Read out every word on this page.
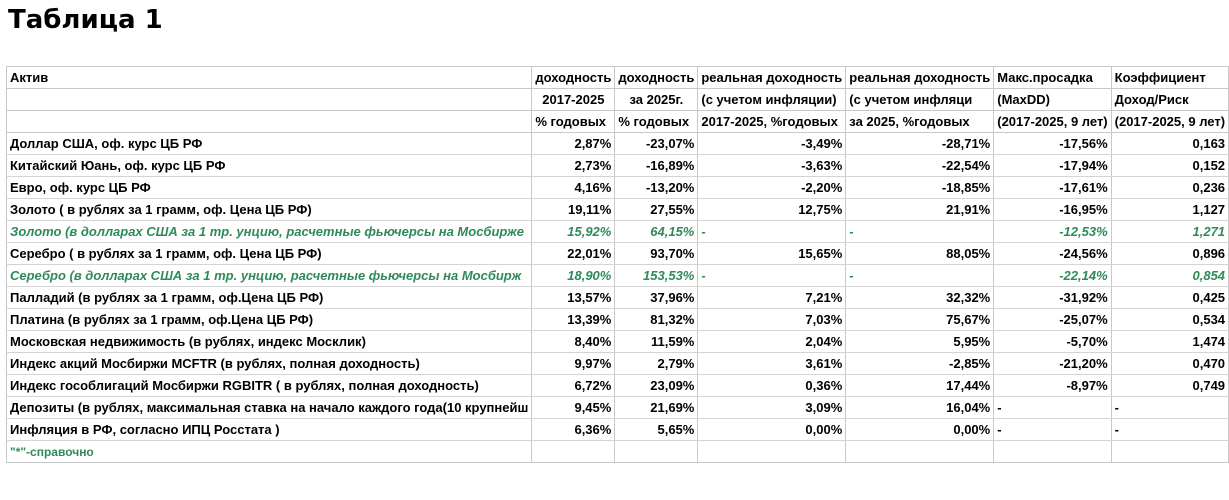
Таблица 1
Актив	доходность	доходность	реальная доходность	реальная доходность	Макс.просадка	Коэффициент
	2017-2025	за 2025г.	(с учетом инфляции)	(с учетом инфляци	(MaxDD)	Доход/Риск
	% годовых	% годовых	2017-2025, %годовых	за 2025, %годовых	(2017-2025, 9 лет)	(2017-2025, 9 лет)
Доллар США, оф. курс ЦБ РФ	2,87%	-23,07%	-3,49%	-28,71%	-17,56%	0,163
Китайский Юань, оф. курс ЦБ РФ	2,73%	-16,89%	-3,63%	-22,54%	-17,94%	0,152
Евро, оф. курс ЦБ РФ	4,16%	-13,20%	-2,20%	-18,85%	-17,61%	0,236
Золото ( в рублях за 1 грамм, оф. Цена ЦБ РФ)	19,11%	27,55%	12,75%	21,91%	-16,95%	1,127
Золото (в долларах США за 1 тр. унцию, расчетные фьючерсы на Мосбирже	15,92%	64,15%	-	-	-12,53%	1,271
Серебро ( в рублях за 1 грамм, оф. Цена ЦБ РФ)	22,01%	93,70%	15,65%	88,05%	-24,56%	0,896
Серебро (в долларах США за 1 тр. унцию, расчетные фьючерсы на Мосбирж	18,90%	153,53%	-	-	-22,14%	0,854
Палладий (в рублях за 1 грамм, оф.Цена ЦБ РФ)	13,57%	37,96%	7,21%	32,32%	-31,92%	0,425
Платина (в рублях за 1 грамм, оф.Цена ЦБ РФ)	13,39%	81,32%	7,03%	75,67%	-25,07%	0,534
Московская недвижимость (в рублях, индекс Москлик)	8,40%	11,59%	2,04%	5,95%	-5,70%	1,474
Индекс акций Мосбиржи MCFTR (в рублях, полная доходность)	9,97%	2,79%	3,61%	-2,85%	-21,20%	0,470
Индекс гособлигаций Мосбиржи RGBITR ( в рублях, полная доходность)	6,72%	23,09%	0,36%	17,44%	-8,97%	0,749
Депозиты (в рублях, максимальная ставка на начало каждого года(10 крупнейш	9,45%	21,69%	3,09%	16,04%	-	-
Инфляция в РФ, согласно ИПЦ Росстата )	6,36%	5,65%	0,00%	0,00%	-	-
"*"-справочно						
